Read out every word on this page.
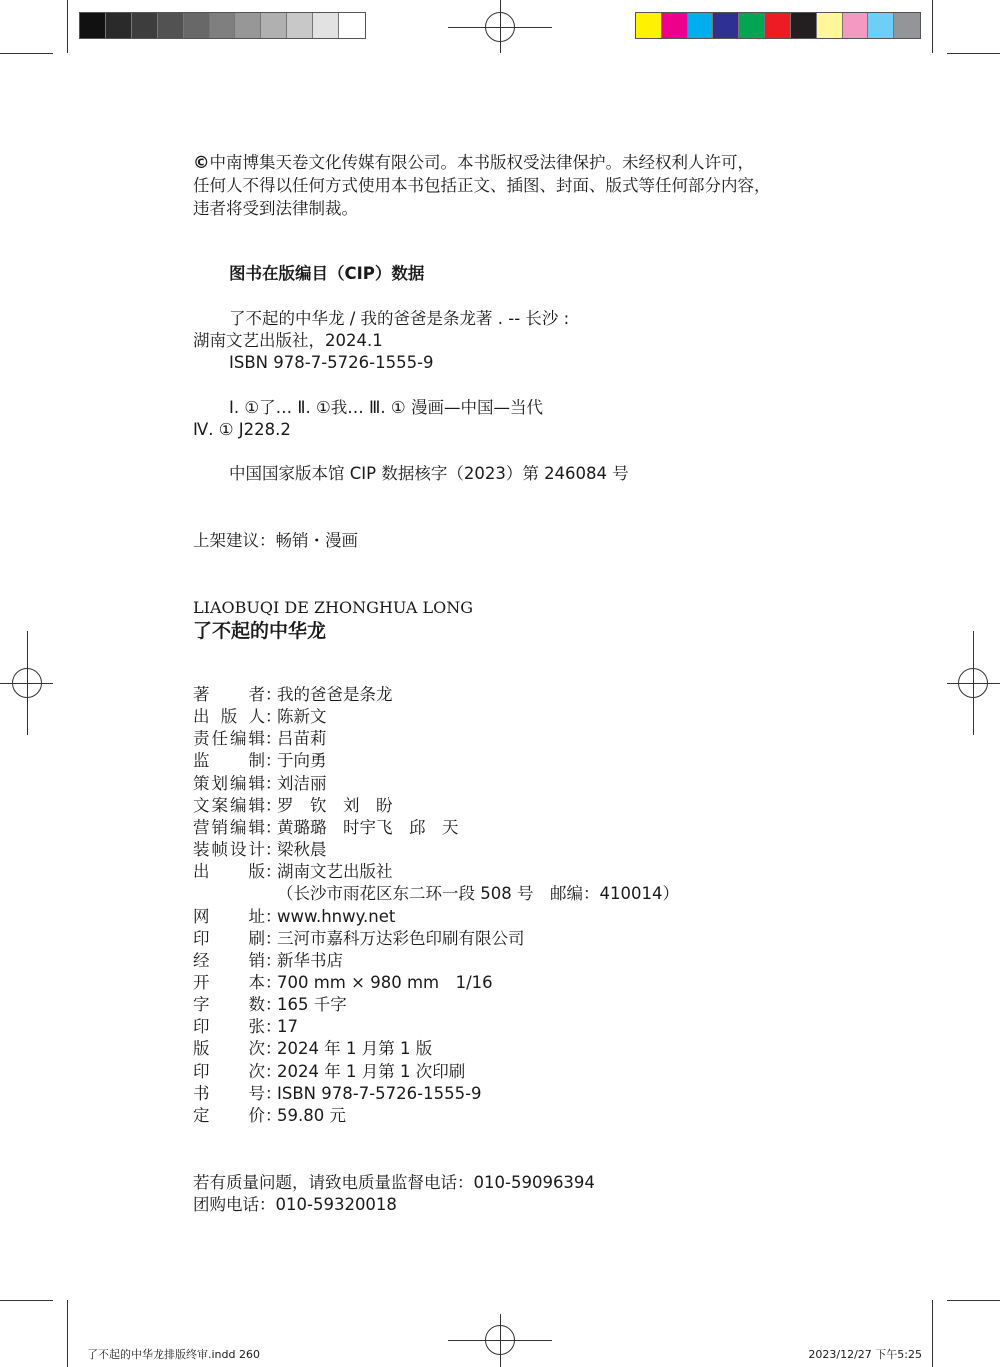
©中南博集天卷文化传媒有限公司。本书版权受法律保护。未经权利人许可，
任何人不得以任何方式使用本书包括正文、插图、封面、版式等任何部分内容，
违者将受到法律制裁。
图书在版编目（CIP）数据
了不起的中华龙 / 我的爸爸是条龙著 . -- 长沙 :
湖南文艺出版社，2024.1
ISBN 978-7-5726-1555-9
Ⅰ. ①了… Ⅱ. ①我… Ⅲ. ① 漫画—中国—当代
Ⅳ. ① J228.2
中国国家版本馆 CIP 数据核字（2023）第 246084 号
上架建议：畅销・漫画
LIAOBUQI DE ZHONGHUA LONG
了不起的中华龙
著者：我的爸爸是条龙
出版人：陈新文
责任编辑：吕苗莉
监制：于向勇
策划编辑：刘洁丽
文案编辑：罗　钦　刘　盼
营销编辑：黄璐璐　时宇飞　邱　天
装帧设计：梁秋晨
出版：湖南文艺出版社
（长沙市雨花区东二环一段 508 号　邮编：410014）
网址：www.hnwy.net
印刷：三河市嘉科万达彩色印刷有限公司
经销：新华书店
开本：700 mm × 980 mm　1/16
字数：165 千字
印张：17
版次：2024 年 1 月第 1 版
印次：2024 年 1 月第 1 次印刷
书号：ISBN 978-7-5726-1555-9
定价：59.80 元
若有质量问题，请致电质量监督电话：010-59096394
团购电话：010-59320018
了不起的中华龙排版终审.indd 260	2023/12/27 下午5:25
